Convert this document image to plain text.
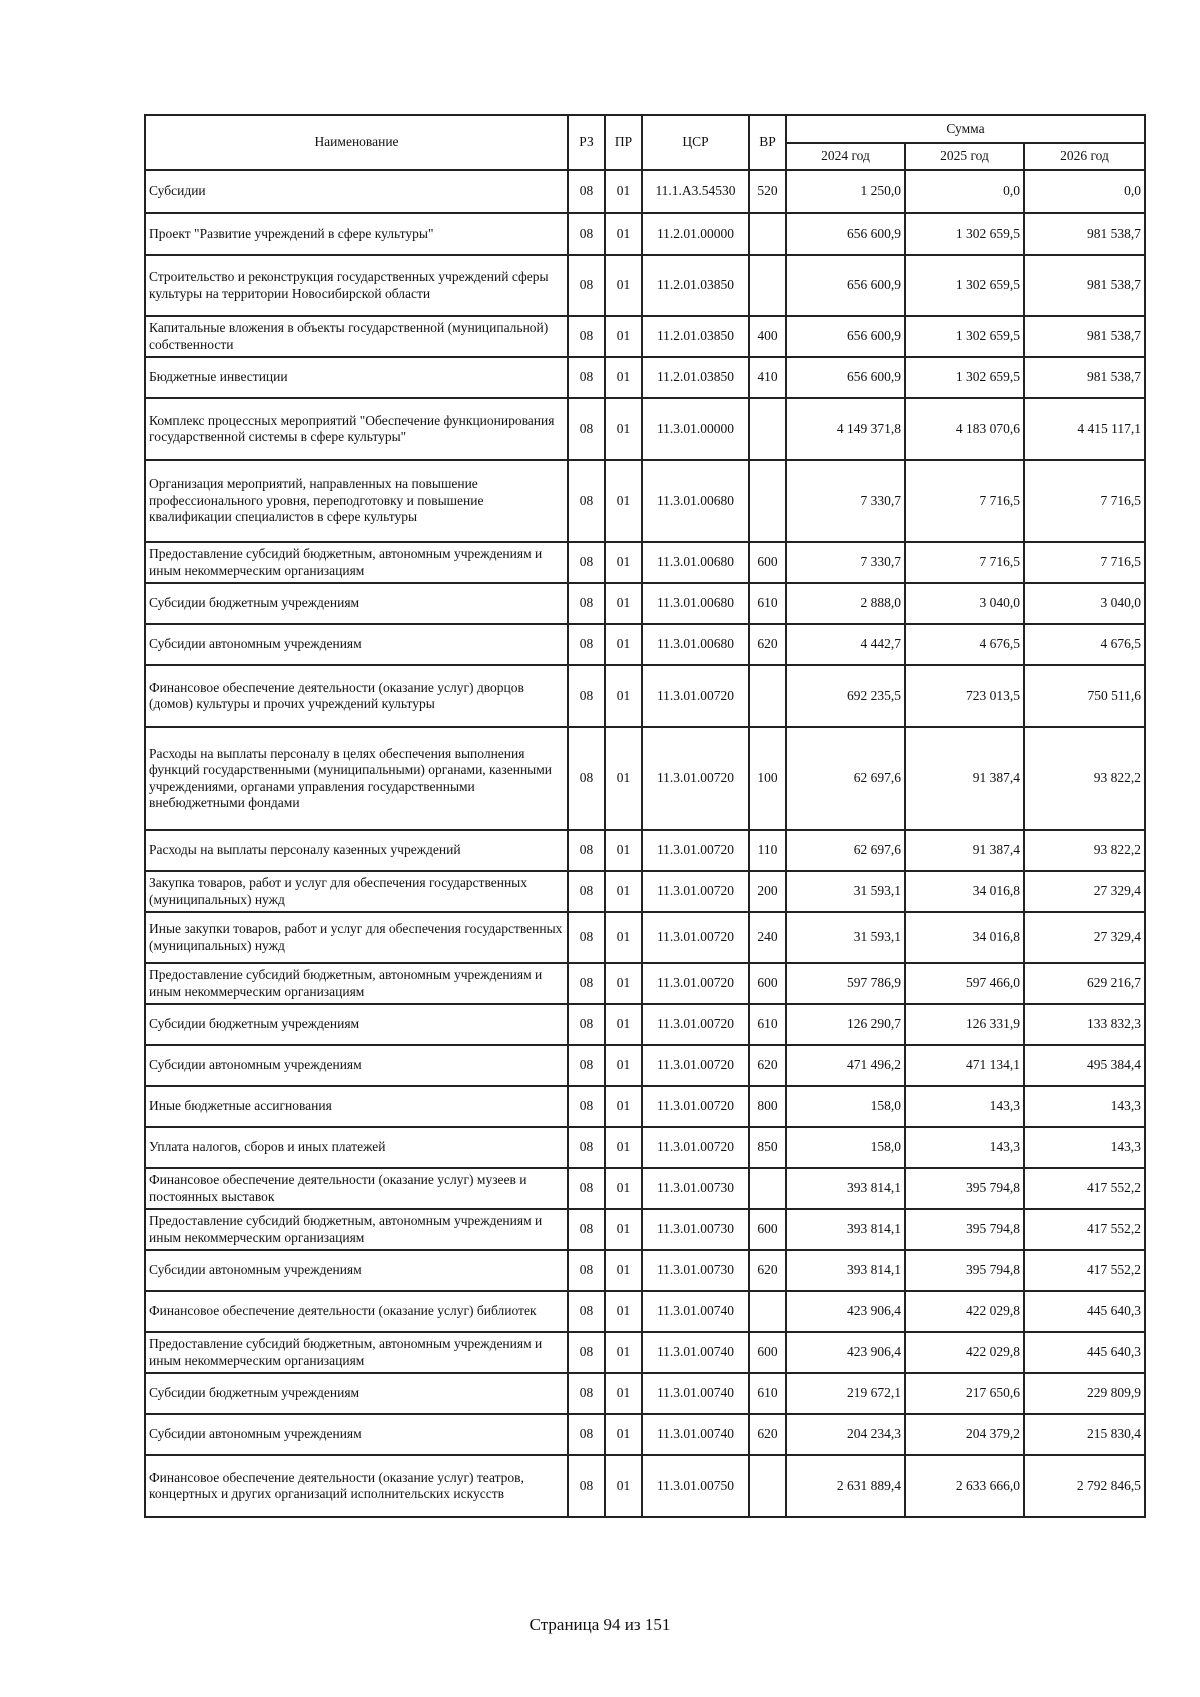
Наименование	РЗ	ПР	ЦСР	ВР	Сумма		
					2024 год	2025 год	2026 год
Субсидии	08	01	11.1.А3.54530	520	1 250,0	0,0	0,0
Проект "Развитие учреждений в сфере культуры"	08	01	11.2.01.00000		656 600,9	1 302 659,5	981 538,7
Строительство и реконструкция государственных учреждений сферы культуры на территории Новосибирской области	08	01	11.2.01.03850		656 600,9	1 302 659,5	981 538,7
Капитальные вложения в объекты государственной (муниципальной) собственности	08	01	11.2.01.03850	400	656 600,9	1 302 659,5	981 538,7
Бюджетные инвестиции	08	01	11.2.01.03850	410	656 600,9	1 302 659,5	981 538,7
Комплекс процессных мероприятий "Обеспечение функционирования государственной системы в сфере культуры"	08	01	11.3.01.00000		4 149 371,8	4 183 070,6	4 415 117,1
Организация мероприятий, направленных на повышение профессионального уровня, переподготовку и повышение квалификации специалистов в сфере культуры	08	01	11.3.01.00680		7 330,7	7 716,5	7 716,5
Предоставление субсидий бюджетным, автономным учреждениям и иным некоммерческим организациям	08	01	11.3.01.00680	600	7 330,7	7 716,5	7 716,5
Субсидии бюджетным учреждениям	08	01	11.3.01.00680	610	2 888,0	3 040,0	3 040,0
Субсидии автономным учреждениям	08	01	11.3.01.00680	620	4 442,7	4 676,5	4 676,5
Финансовое обеспечение деятельности (оказание услуг) дворцов (домов) культуры и прочих учреждений культуры	08	01	11.3.01.00720		692 235,5	723 013,5	750 511,6
Расходы на выплаты персоналу в целях обеспечения выполнения функций государственными (муниципальными) органами, казенными учреждениями, органами управления государственными внебюджетными фондами	08	01	11.3.01.00720	100	62 697,6	91 387,4	93 822,2
Расходы на выплаты персоналу казенных учреждений	08	01	11.3.01.00720	110	62 697,6	91 387,4	93 822,2
Закупка товаров, работ и услуг для обеспечения государственных (муниципальных) нужд	08	01	11.3.01.00720	200	31 593,1	34 016,8	27 329,4
Иные закупки товаров, работ и услуг для обеспечения государственных (муниципальных) нужд	08	01	11.3.01.00720	240	31 593,1	34 016,8	27 329,4
Предоставление субсидий бюджетным, автономным учреждениям и иным некоммерческим организациям	08	01	11.3.01.00720	600	597 786,9	597 466,0	629 216,7
Субсидии бюджетным учреждениям	08	01	11.3.01.00720	610	126 290,7	126 331,9	133 832,3
Субсидии автономным учреждениям	08	01	11.3.01.00720	620	471 496,2	471 134,1	495 384,4
Иные бюджетные ассигнования	08	01	11.3.01.00720	800	158,0	143,3	143,3
Уплата налогов, сборов и иных платежей	08	01	11.3.01.00720	850	158,0	143,3	143,3
Финансовое обеспечение деятельности (оказание услуг) музеев и постоянных выставок	08	01	11.3.01.00730		393 814,1	395 794,8	417 552,2
Предоставление субсидий бюджетным, автономным учреждениям и иным некоммерческим организациям	08	01	11.3.01.00730	600	393 814,1	395 794,8	417 552,2
Субсидии автономным учреждениям	08	01	11.3.01.00730	620	393 814,1	395 794,8	417 552,2
Финансовое обеспечение деятельности (оказание услуг) библиотек	08	01	11.3.01.00740		423 906,4	422 029,8	445 640,3
Предоставление субсидий бюджетным, автономным учреждениям и иным некоммерческим организациям	08	01	11.3.01.00740	600	423 906,4	422 029,8	445 640,3
Субсидии бюджетным учреждениям	08	01	11.3.01.00740	610	219 672,1	217 650,6	229 809,9
Субсидии автономным учреждениям	08	01	11.3.01.00740	620	204 234,3	204 379,2	215 830,4
Финансовое обеспечение деятельности (оказание услуг) театров, концертных и других организаций исполнительских искусств	08	01	11.3.01.00750		2 631 889,4	2 633 666,0	2 792 846,5
Страница 94 из 151
